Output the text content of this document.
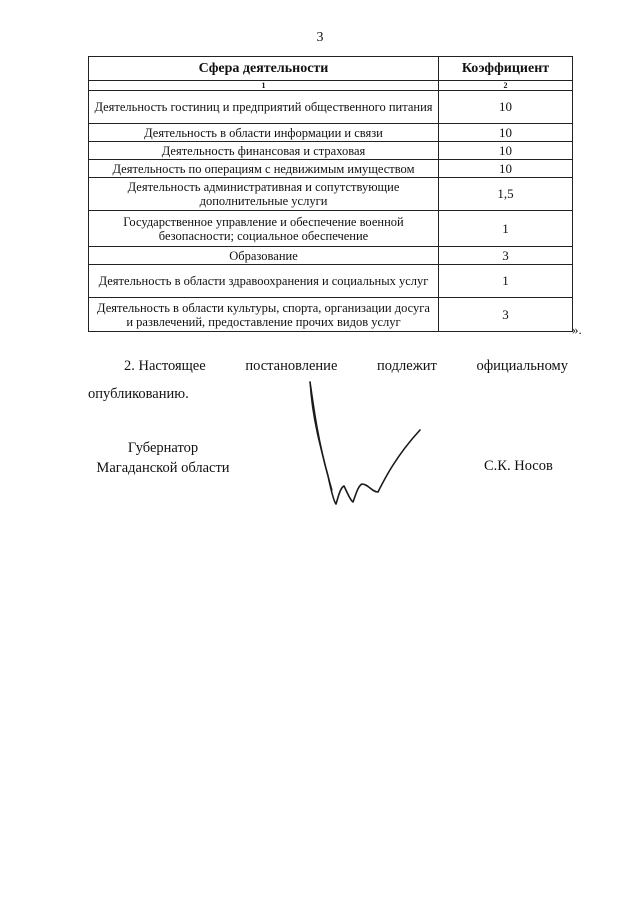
3
Сфера деятельности	Коэффициент
1	2
Деятельность гостиниц и предприятий общественного питания	10
Деятельность в области информации и связи	10
Деятельность финансовая и страховая	10
Деятельность по операциям с недвижимым имуществом	10
Деятельность административная и сопутствующие дополнительные услуги	1,5
Государственное управление и обеспечение военной безопасности; социальное обеспечение	1
Образование	3
Деятельность в области здравоохранения и социальных услуг	1
Деятельность в области культуры, спорта, организации досуга и развлечений, предоставление прочих видов услуг	3
».
2. Настоящее	постановление	подлежит	официальному
опубликованию.
Губернатор
Магаданской области	С.К. Носов
